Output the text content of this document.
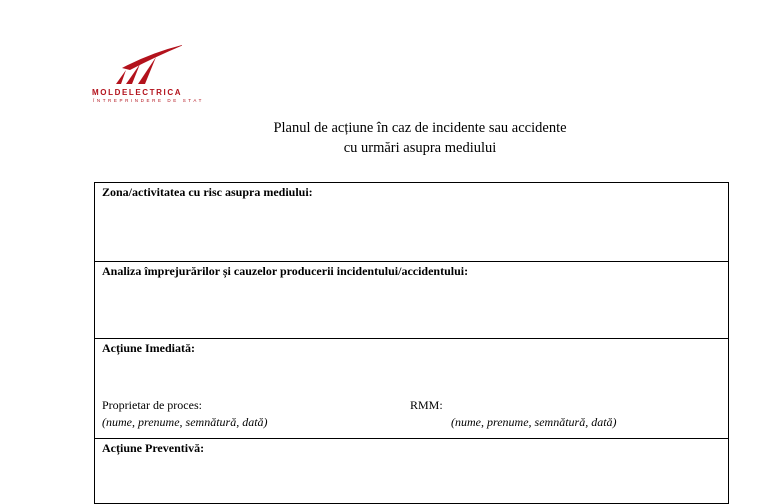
MOLDELECTRICA
ÎNTREPRINDERE DE STAT
Planul de acțiune în caz de incidente sau accidente
cu urmări asupra mediului
Zona/activitatea cu risc asupra mediului:
Analiza împrejurărilor și cauzelor producerii incidentului/accidentului:
Acțiune Imediată:
Proprietar de proces:
(nume, prenume, semnătură, dată)
RMM:
(nume, prenume, semnătură, dată)

Acțiune Preventivă:
